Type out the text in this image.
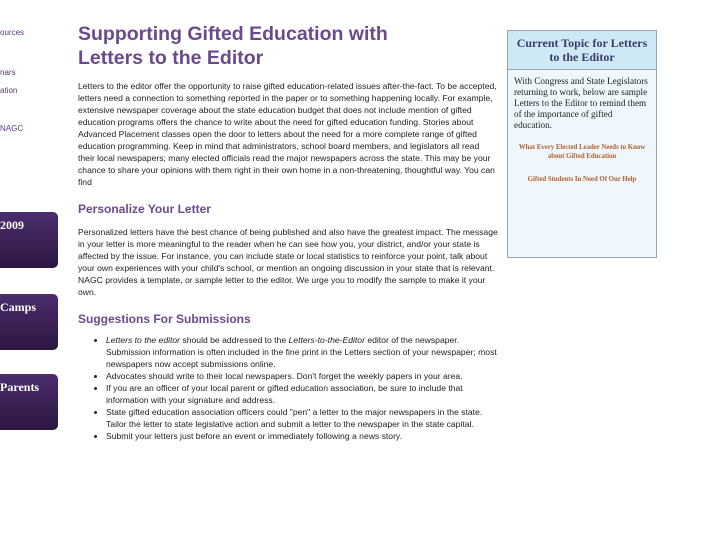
ources
nars
ation
NAGC
2009
Camps
Parents
Supporting Gifted Education with
Letters to the Editor

Letters to the editor offer the opportunity to raise gifted education-related issues after-the-fact. To be accepted, letters need a connection to something reported in the paper or to something happening locally. For example, extensive newspaper coverage about the state education budget that does not include mention of gifted education programs offers the chance to write about the need for gifted education funding. Stories about Advanced Placement classes open the door to letters about the need for a more complete range of gifted education programming. Keep in mind that administrators, school board members, and legislators all read their local newspapers; many elected officials read the major newspapers across the state. This may be your chance to share your opinions with them right in their own home in a non-threatening, thoughtful way. You can find

Personalize Your Letter

Personalized letters have the best chance of being published and also have the greatest impact. The message in your letter is more meaningful to the reader when he can see how you, your district, and/or your state is affected by the issue. For instance, you can include state or local statistics to reinforce your point, talk about your own experiences with your child's school, or mention an ongoing discussion in your state that is relevant. NAGC provides a template, or sample letter to the editor. We urge you to modify the sample to make it your own.

Suggestions For Submissions
• Letters to the editor should be addressed to the Letters-to-the-Editor editor of the newspaper. Submission information is often included in the fine print in the Letters section of your newspaper; most newspapers now accept submissions online.
• Advocates should write to their local newspapers. Don't forget the weekly papers in your area.
• If you are an officer of your local parent or gifted education association, be sure to include that information with your signature and address.
• State gifted education association officers could "pen" a letter to the major newspapers in the state. Tailor the letter to state legislative action and submit a letter to the newspaper in the state capital.
• Submit your letters just before an event or immediately following a news story.
Current Topic for Letters to the Editor
With Congress and State Legislators returning to work, below are sample Letters to the Editor to remind them of the importance of gifted education.
What Every Elected Leader Needs to Know about Gifted Education
Gifted Students In Need Of Our Help
